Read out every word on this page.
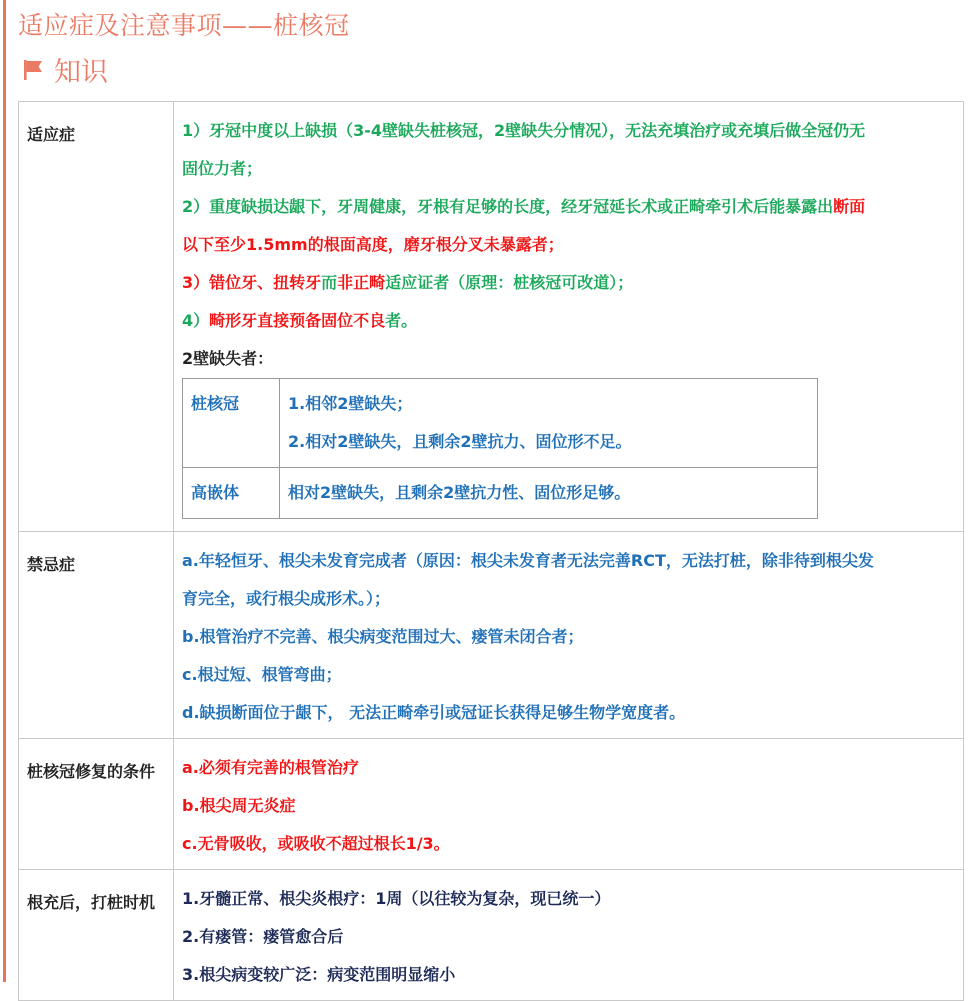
适应症及注意事项——桩核冠
知识
适应症	1）牙冠中度以上缺损（3-4壁缺失桩核冠，2壁缺失分情况），无法充填治疗或充填后做全冠仍无
固位力者；
2）重度缺损达龈下，牙周健康，牙根有足够的长度，经牙冠延长术或正畸牵引术后能暴露出断面
以下至少1.5mm的根面高度，磨牙根分叉未暴露者；
3）错位牙、扭转牙而非正畸适应证者（原理：桩核冠可改道）；
4）畸形牙直接预备固位不良者。
2壁缺失者：
桩核冠	1.相邻2壁缺失；
2.相对2壁缺失，且剩余2壁抗力、固位形不足。

高嵌体	相对2壁缺失，且剩余2壁抗力性、固位形足够。

禁忌症	a.年轻恒牙、根尖未发育完成者（原因：根尖未发育者无法完善RCT，无法打桩，除非待到根尖发
育完全，或行根尖成形术。）；
b.根管治疗不完善、根尖病变范围过大、瘘管未闭合者；
c.根过短、根管弯曲；
d.缺损断面位于龈下， 无法正畸牵引或冠证长获得足够生物学宽度者。

桩核冠修复的条件	a.必须有完善的根管治疗
b.根尖周无炎症
c.无骨吸收，或吸收不超过根长1/3。

根充后，打桩时机	1.牙髓正常、根尖炎根疗：1周（以往较为复杂，现已统一）
2.有瘘管：瘘管愈合后
3.根尖病变较广泛：病变范围明显缩小
